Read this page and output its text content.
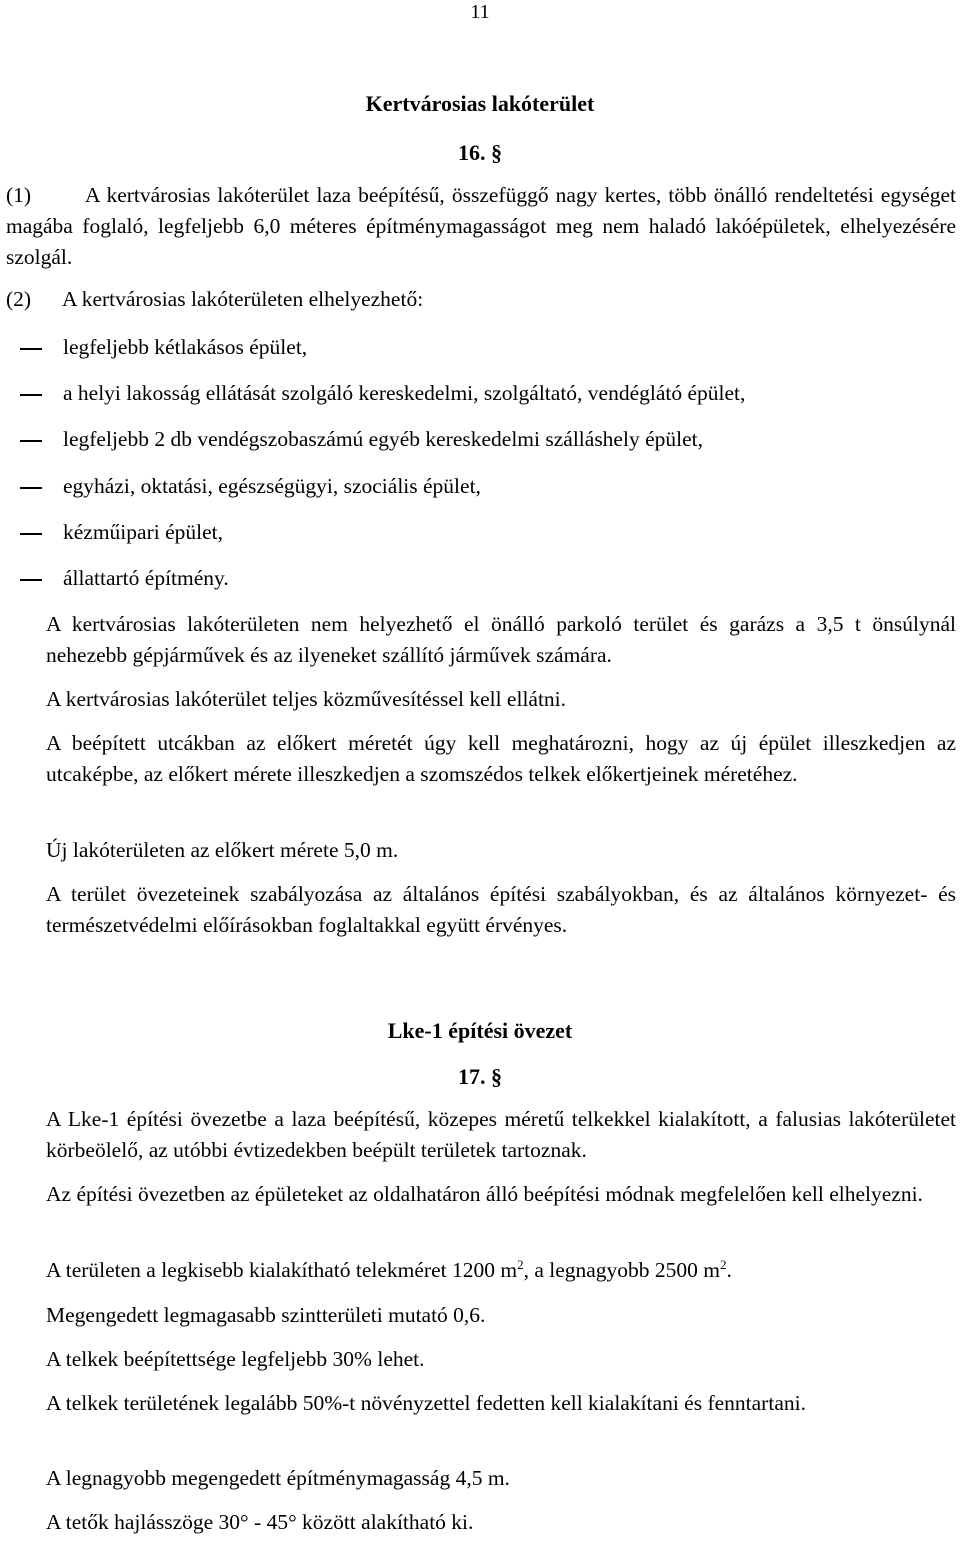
11
Kertvárosias lakóterület
16. §
(1)	A kertvárosias lakóterület laza beépítésű, összefüggő nagy kertes, több önálló rendeltetési egységet magába foglaló, legfeljebb 6,0 méteres építménymagasságot meg nem haladó lakóépületek, elhelyezésére szolgál.
(2) A kertvárosias lakóterületen elhelyezhető:
legfeljebb kétlakásos épület,
a helyi lakosság ellátását szolgáló kereskedelmi, szolgáltató, vendéglátó épület,
legfeljebb 2 db vendégszobaszámú egyéb kereskedelmi szálláshely épület,
egyházi, oktatási, egészségügyi, szociális épület,
kézműipari épület,
állattartó építmény.
A kertvárosias lakóterületen nem helyezhető el önálló parkoló terület és garázs a 3,5 t önsúlynál nehezebb gépjárművek és az ilyeneket szállító járművek számára.
A kertvárosias lakóterület teljes közművesítéssel kell ellátni.
A beépített utcákban az előkert méretét úgy kell meghatározni, hogy az új épület illeszkedjen az utcaképbe, az előkert mérete illeszkedjen a szomszédos telkek előkertjeinek méretéhez.
Új lakóterületen az előkert mérete 5,0 m.
A terület övezeteinek szabályozása az általános építési szabályokban, és az általános környezet- és természetvédelmi előírásokban foglaltakkal együtt érvényes.
Lke-1 építési övezet
17. §
A Lke-1 építési övezetbe a laza beépítésű, közepes méretű telkekkel kialakított, a falusias lakóterületet körbeölelő, az utóbbi évtizedekben beépült területek tartoznak.
Az építési övezetben az épületeket az oldalhatáron álló beépítési módnak megfelelően kell elhelyezni.
A területen a legkisebb kialakítható telekméret 1200 $m^2$, a legnagyobb 2500 $m^2$.
Megengedett legmagasabb szintterületi mutató 0,6.
A telkek beépítettsége legfeljebb 30% lehet.
A telkek területének legalább 50%-t növényzettel fedetten kell kialakítani és fenntartani.
A legnagyobb megengedett építménymagasság 4,5 m.
A tetők hajlásszöge 30° - 45° között alakítható ki.
